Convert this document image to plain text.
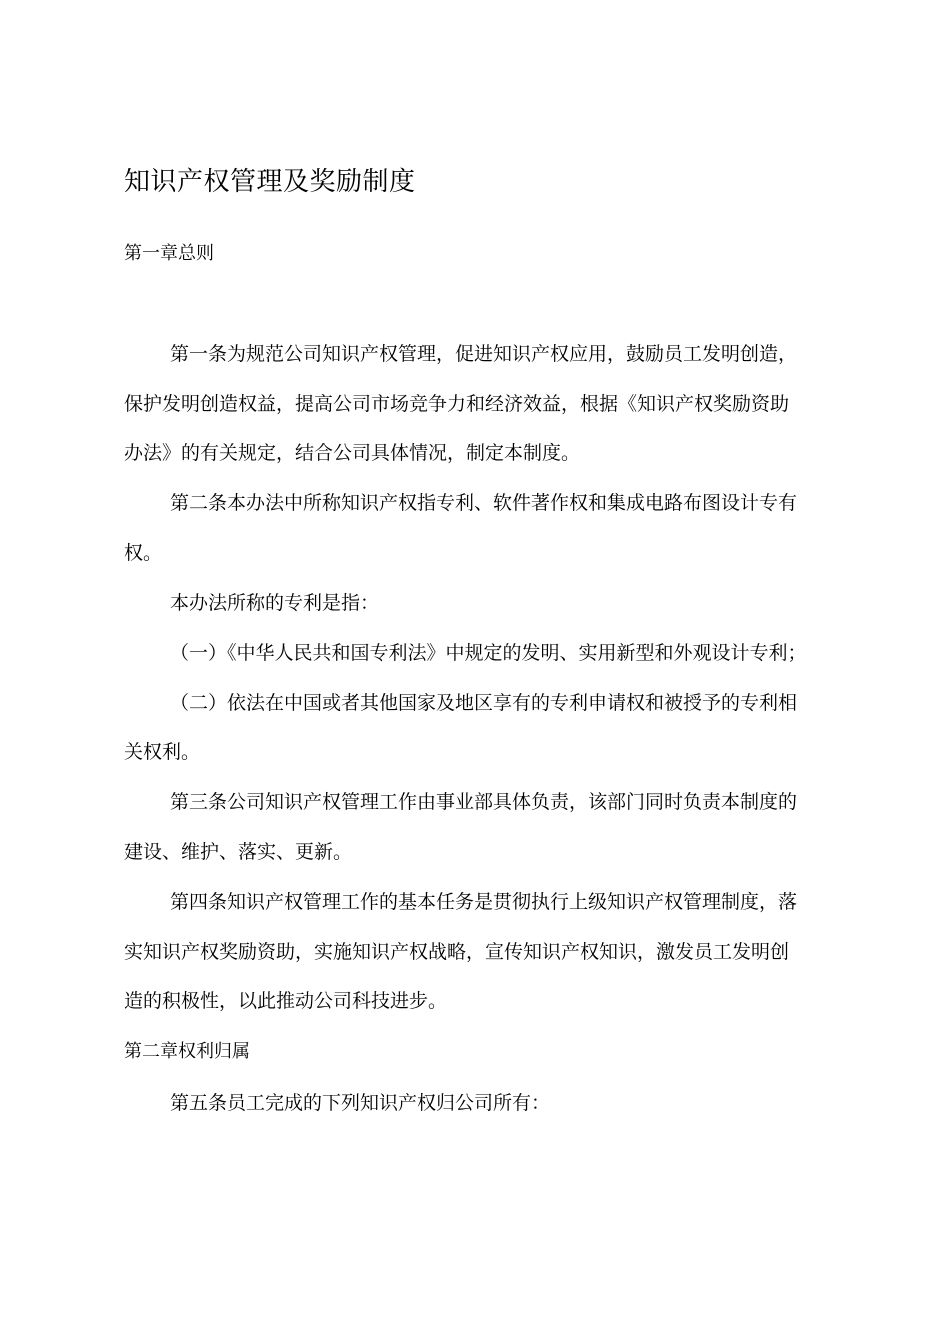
知识产权管理及奖励制度
第一章总则
第一条为规范公司知识产权管理，促进知识产权应用，鼓励员工发明创造，
保护发明创造权益，提高公司市场竞争力和经济效益，根据《知识产权奖励资助
办法》的有关规定，结合公司具体情况，制定本制度。
第二条本办法中所称知识产权指专利、软件著作权和集成电路布图设计专有
权。
本办法所称的专利是指：
（一）《中华人民共和国专利法》中规定的发明、实用新型和外观设计专利；
（二）依法在中国或者其他国家及地区享有的专利申请权和被授予的专利相
关权利。
第三条公司知识产权管理工作由事业部具体负责，该部门同时负责本制度的
建设、维护、落实、更新。
第四条知识产权管理工作的基本任务是贯彻执行上级知识产权管理制度，落
实知识产权奖励资助，实施知识产权战略，宣传知识产权知识，激发员工发明创
造的积极性，以此推动公司科技进步。
第二章权利归属
第五条员工完成的下列知识产权归公司所有：
